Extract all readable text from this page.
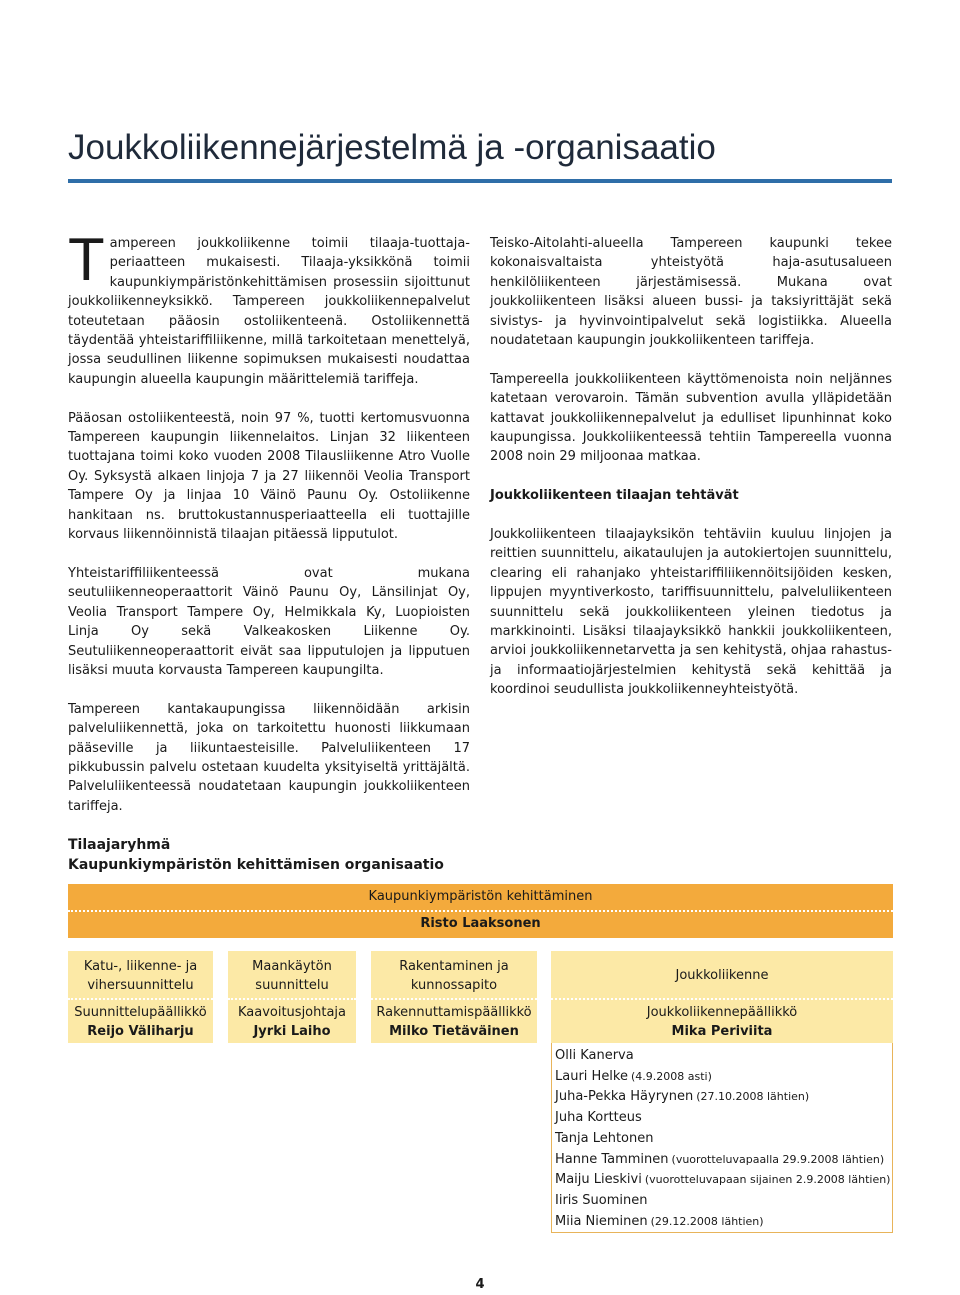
Joukkoliikennejärjestelmä ja -organisaatio

Tampereen joukkoliikenne toimii tilaaja-tuottaja- periaatteen mukaisesti. Tilaaja-yksikkönä toimii kaupunkiympäristönkehittämisen prosessiin sijoittunut joukkoliikenneyksikkö. Tampereen joukkoliikennepalvelut toteutetaan pääosin ostoliikenteenä. Ostoliikennettä täydentää yhteistariffiliikenne, millä tarkoitetaan menettelyä, jossa seudullinen liikenne sopimuksen mukaisesti noudattaa kaupungin alueella kaupungin määrittelemiä tariffeja.

Pääosan ostoliikenteestä, noin 97 %, tuotti kertomusvuonna Tampereen kaupungin liikennelaitos. Linjan 32 liikenteen tuottajana toimi koko vuoden 2008 Tilausliikenne Atro Vuolle Oy. Syksystä alkaen linjoja 7 ja 27 liikennöi Veolia Transport Tampere Oy ja linjaa 10 Väinö Paunu Oy. Ostoliikenne hankitaan ns. bruttokustannusperiaatteella eli tuottajille korvaus liikennöinnistä tilaajan pitäessä lipputulot.

Yhteistariffiliikenteessä ovat mukana seutuliikenneoperaattorit Väinö Paunu Oy, Länsilinjat Oy, Veolia Transport Tampere Oy, Helmikkala Ky, Luopioisten Linja Oy sekä Valkeakosken Liikenne Oy. Seutuliikenneoperaattorit eivät saa lipputulojen ja lipputuen lisäksi muuta korvausta Tampereen kaupungilta.

Tampereen kantakaupungissa liikennöidään arkisin palveluliikennettä, joka on tarkoitettu huonosti liikkumaan pääseville ja liikuntaesteisille. Palveluliikenteen 17 pikkubussin palvelu ostetaan kuudelta yksityiseltä yrittäjältä. Palveluliikenteessä noudatetaan kaupungin joukkoliikenteen tariffeja.

Teisko-Aitolahti-alueella Tampereen kaupunki tekee kokonaisvaltaista yhteistyötä haja-asutusalueen henkilöliikenteen järjestämisessä. Mukana ovat joukkoliikenteen lisäksi alueen bussi- ja taksiyrittäjät sekä sivistys- ja hyvinvointipalvelut sekä logistiikka. Alueella noudatetaan kaupungin joukkoliikenteen tariffeja.

Tampereella joukkoliikenteen käyttömenoista noin neljännes katetaan verovaroin. Tämän subvention avulla ylläpidetään kattavat joukkoliikennepalvelut ja edulliset lipunhinnat koko kaupungissa. Joukkoliikenteessä tehtiin Tampereella vuonna 2008 noin 29 miljoonaa matkaa.

Joukkoliikenteen tilaajan tehtävät

Joukkoliikenteen tilaajayksikön tehtäviin kuuluu linjojen ja reittien suunnittelu, aikataulujen ja autokiertojen suunnittelu, clearing eli rahanjako yhteistariffiliikennöitsijöiden kesken, lippujen myyntiverkosto, tariffisuunnittelu, palveluliikenteen suunnittelu sekä joukkoliikenteen yleinen tiedotus ja markkinointi. Lisäksi tilaajayksikkö hankkii joukkoliikenteen, arvioi joukkoliikennetarvetta ja sen kehitystä, ohjaa rahastus- ja informaatiojärjestelmien kehitystä sekä kehittää ja koordinoi seudullista joukkoliikenneyhteistyötä.

Tilaajaryhmä
Kaupunkiympäristön kehittämisen organisaatio
Kaupunkiympäristön kehittäminen
Risto Laaksonen
Katu-, liikenne- ja vihersuunnittelu
Suunnittelupäällikkö
Reijo Väliharju
Maankäytön suunnittelu
Kaavoitusjohtaja
Jyrki Laiho
Rakentaminen ja kunnossapito
Rakennuttamispäällikkö
Milko Tietäväinen
Joukkoliikenne
Joukkoliikennepäällikkö
Mika Periviita
Olli Kanerva
Lauri Helke (4.9.2008 asti)
Juha-Pekka Häyrynen (27.10.2008 lähtien)
Juha Kortteus
Tanja Lehtonen
Hanne Tamminen (vuorotteluvapaalla 29.9.2008 lähtien)
Maiju Lieskivi (vuorotteluvapaan sijainen 2.9.2008 lähtien)
Iiris Suominen
Miia Nieminen (29.12.2008 lähtien)
4
